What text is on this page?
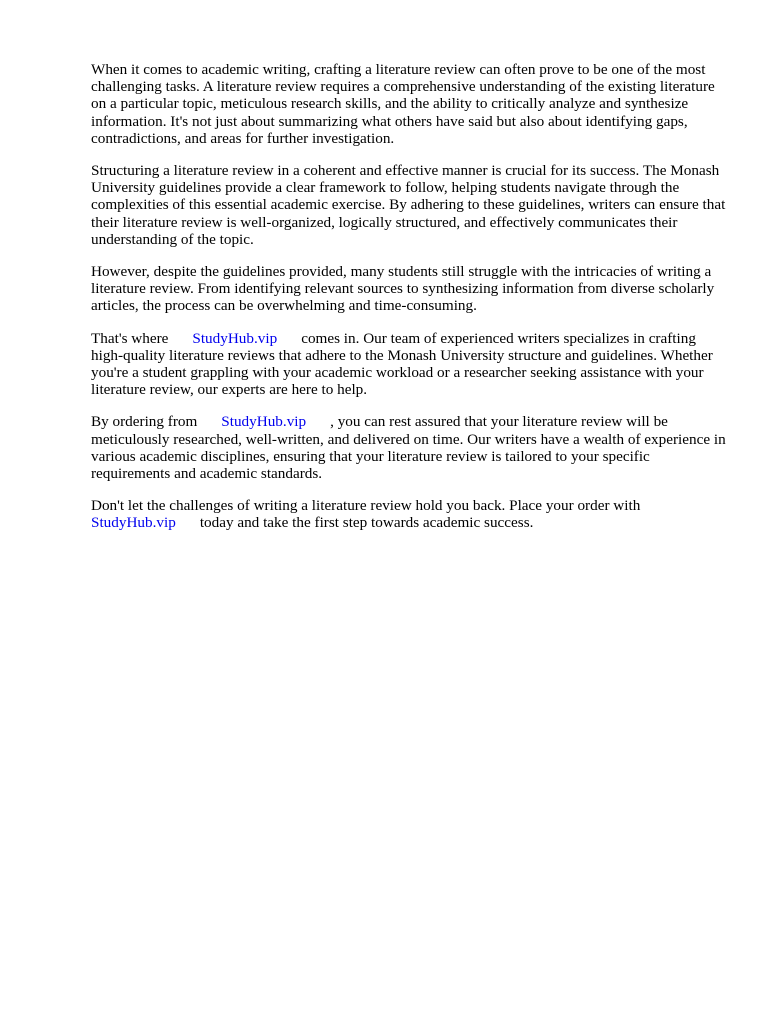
When it comes to academic writing, crafting a literature review can often prove to be one of the most challenging tasks. A literature review requires a comprehensive understanding of the existing literature on a particular topic, meticulous research skills, and the ability to critically analyze and synthesize information. It's not just about summarizing what others have said but also about identifying gaps, contradictions, and areas for further investigation.

Structuring a literature review in a coherent and effective manner is crucial for its success. The Monash University guidelines provide a clear framework to follow, helping students navigate through the complexities of this essential academic exercise. By adhering to these guidelines, writers can ensure that their literature review is well-organized, logically structured, and effectively communicates their understanding of the topic.

However, despite the guidelines provided, many students still struggle with the intricacies of writing a literature review. From identifying relevant sources to synthesizing information from diverse scholarly articles, the process can be overwhelming and time-consuming.

That's where StudyHub.vip comes in. Our team of experienced writers specializes in crafting high-quality literature reviews that adhere to the Monash University structure and guidelines. Whether you're a student grappling with your academic workload or a researcher seeking assistance with your literature review, our experts are here to help.

By ordering from StudyHub.vip , you can rest assured that your literature review will be meticulously researched, well-written, and delivered on time. Our writers have a wealth of experience in various academic disciplines, ensuring that your literature review is tailored to your specific requirements and academic standards.

Don't let the challenges of writing a literature review hold you back. Place your order with StudyHub.vip today and take the first step towards academic success.
